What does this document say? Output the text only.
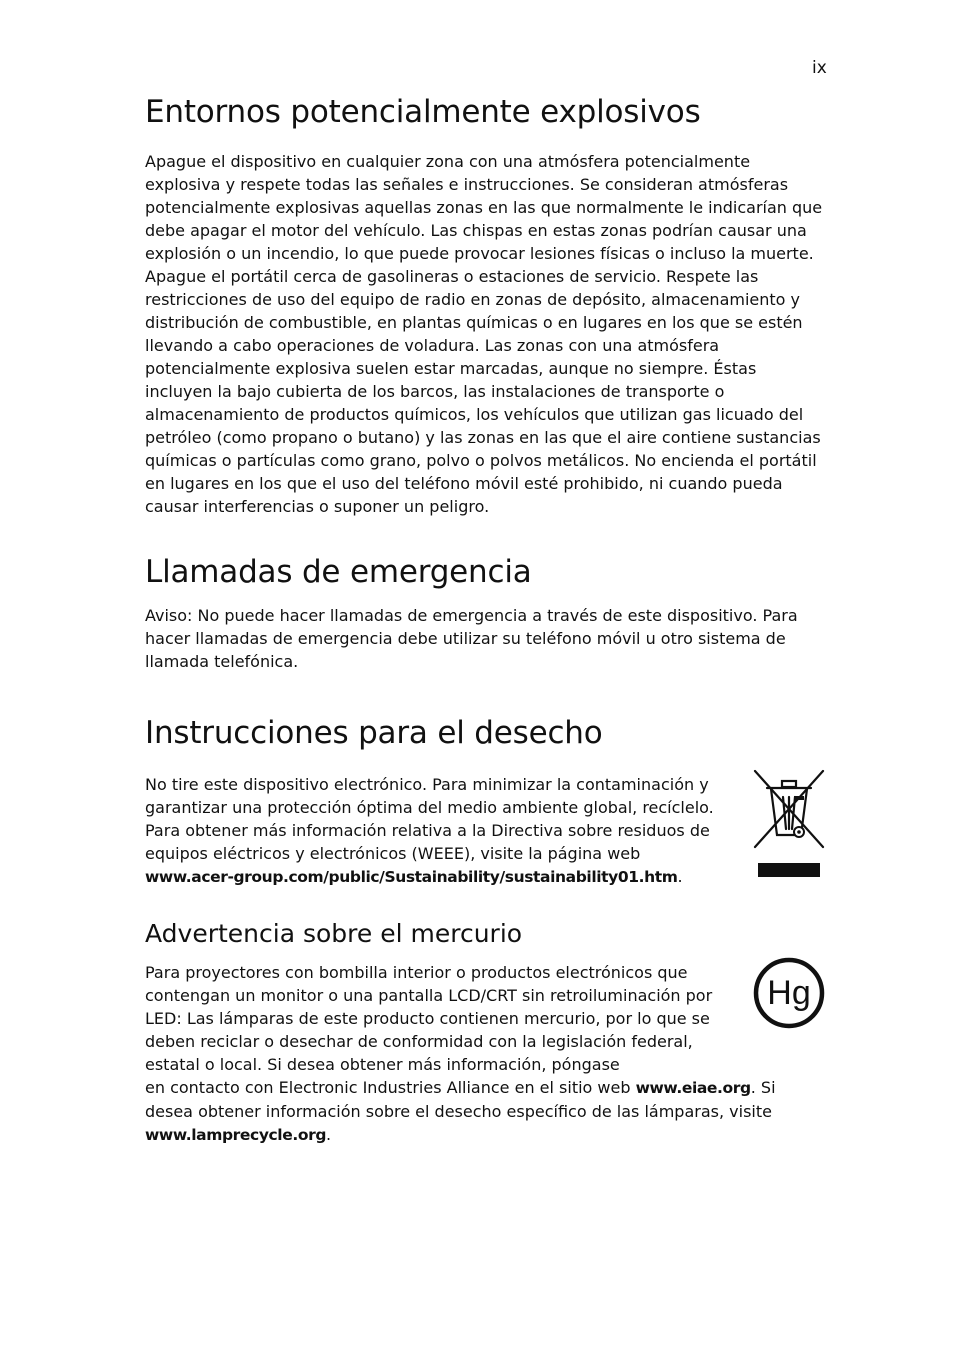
ix
Entornos potencialmente explosivos

Apague el dispositivo en cualquier zona con una atmósfera potencialmente explosiva y respete todas las señales e instrucciones. Se consideran atmósferas potencialmente explosivas aquellas zonas en las que normalmente le indicarían que debe apagar el motor del vehículo. Las chispas en estas zonas podrían causar una explosión o un incendio, lo que puede provocar lesiones físicas o incluso la muerte. Apague el portátil cerca de gasolineras o estaciones de servicio. Respete las restricciones de uso del equipo de radio en zonas de depósito, almacenamiento y distribución de combustible, en plantas químicas o en lugares en los que se estén llevando a cabo operaciones de voladura. Las zonas con una atmósfera potencialmente explosiva suelen estar marcadas, aunque no siempre. Éstas incluyen la bajo cubierta de los barcos, las instalaciones de transporte o almacenamiento de productos químicos, los vehículos que utilizan gas licuado del petróleo (como propano o butano) y las zonas en las que el aire contiene sustancias químicas o partículas como grano, polvo o polvos metálicos. No encienda el portátil en lugares en los que el uso del teléfono móvil esté prohibido, ni cuando pueda causar interferencias o suponer un peligro.

Llamadas de emergencia

Aviso: No puede hacer llamadas de emergencia a través de este dispositivo. Para hacer llamadas de emergencia debe utilizar su teléfono móvil u otro sistema de llamada telefónica.

Instrucciones para el desecho

No tire este dispositivo electrónico. Para minimizar la contaminación y garantizar una protección óptima del medio ambiente global, recíclelo. Para obtener más información relativa a la Directiva sobre residuos de equipos eléctricos y electrónicos (WEEE), visite la página web
www.acer-group.com/public/Sustainability/sustainability01.htm.

Advertencia sobre el mercurio

Para proyectores con bombilla interior o productos electrónicos que contengan un monitor o una pantalla LCD/CRT sin retroiluminación por LED: Las lámparas de este producto contienen mercurio, por lo que se deben reciclar o desechar de conformidad con la legislación federal, estatal o local. Si desea obtener más información, póngase
en contacto con Electronic Industries Alliance en el sitio web www.eiae.org. Si desea obtener información sobre el desecho específico de las lámparas, visite www.lamprecycle.org.

Hg
